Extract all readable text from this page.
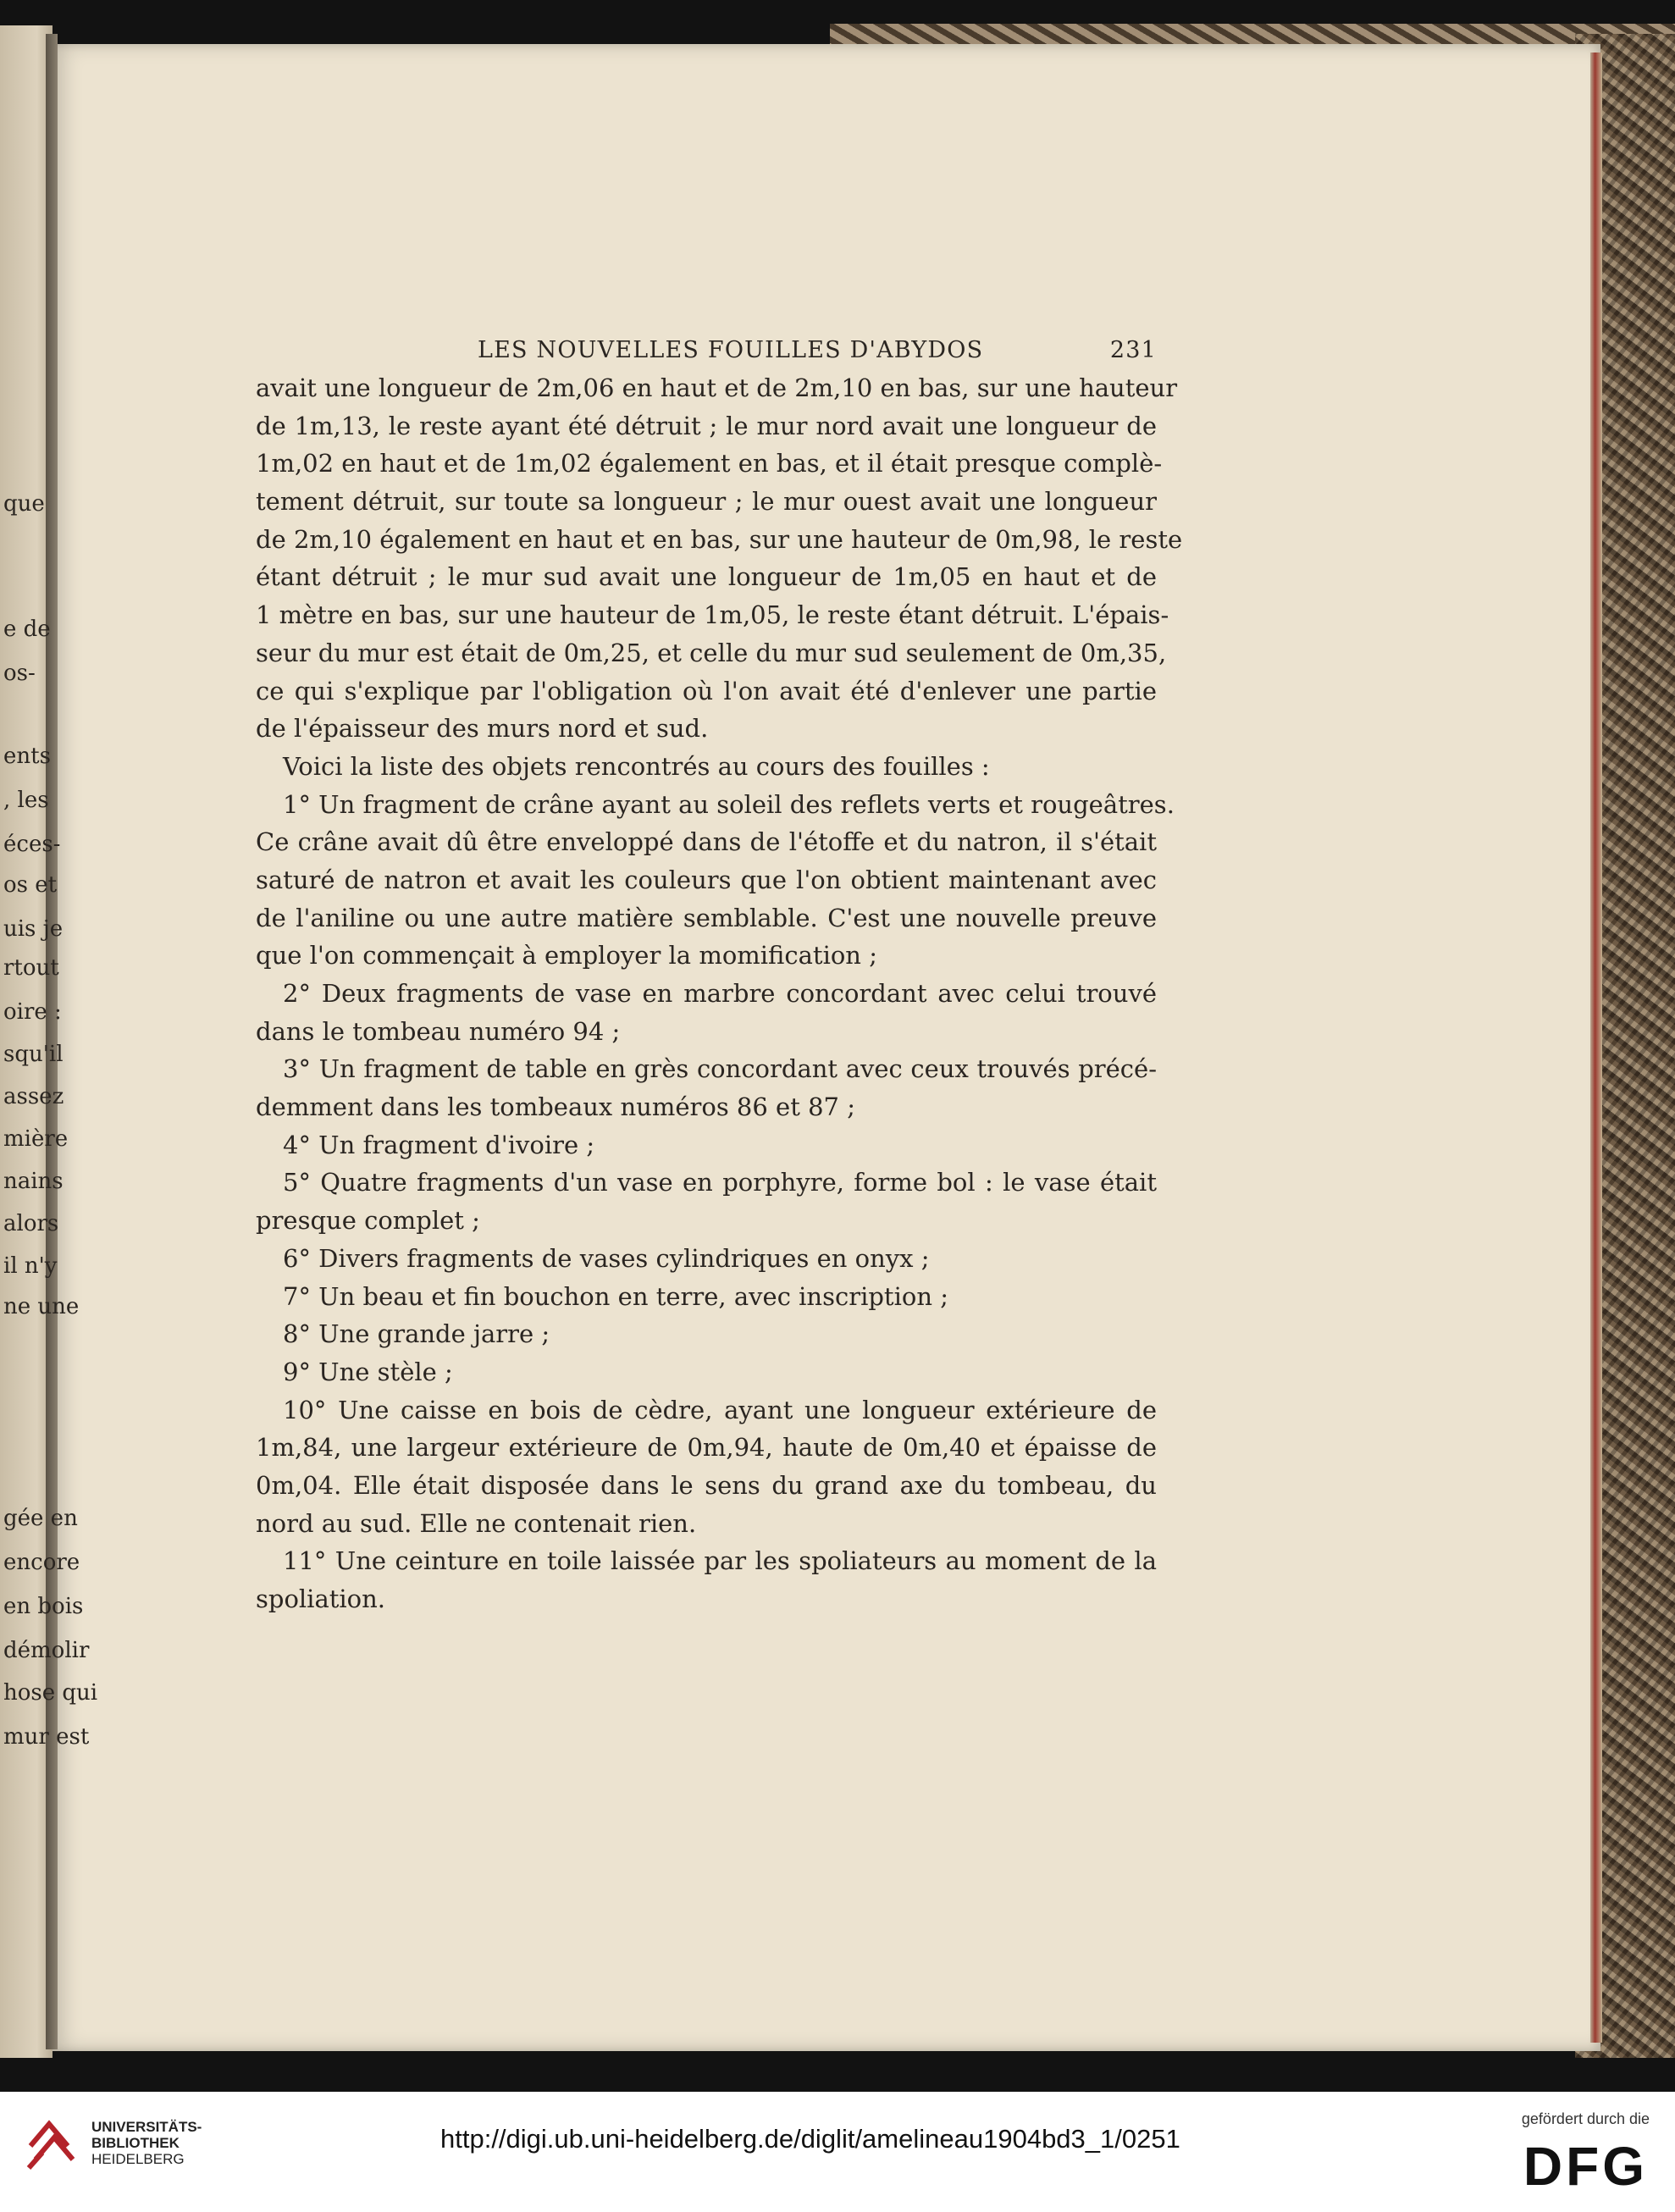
que
e de
os-
ents
, les
éces-
os et
uis je
rtout
oire :
squ'il
assez
mière
nains
alors
il n'y
ne une
gée en
encore
en bois
démolir
hose qui
mur est
LES NOUVELLES FOUILLES D'ABYDOS	231
avait une longueur de 2m,06 en haut et de 2m,10 en bas, sur une hauteur
de 1m,13, le reste ayant été détruit ; le mur nord avait une longueur de
1m,02 en haut et de 1m,02 également en bas, et il était presque complè-
tement détruit, sur toute sa longueur ; le mur ouest avait une longueur
de 2m,10 également en haut et en bas, sur une hauteur de 0m,98, le reste
étant détruit ; le mur sud avait une longueur de 1m,05 en haut et de
1 mètre en bas, sur une hauteur de 1m,05, le reste étant détruit. L'épais-
seur du mur est était de 0m,25, et celle du mur sud seulement de 0m,35,
ce qui s'explique par l'obligation où l'on avait été d'enlever une partie
de l'épaisseur des murs nord et sud.
Voici la liste des objets rencontrés au cours des fouilles :
1° Un fragment de crâne ayant au soleil des reflets verts et rougeâtres.
Ce crâne avait dû être enveloppé dans de l'étoffe et du natron, il s'était
saturé de natron et avait les couleurs que l'on obtient maintenant avec
de l'aniline ou une autre matière semblable. C'est une nouvelle preuve
que l'on commençait à employer la momification ;
2° Deux fragments de vase en marbre concordant avec celui trouvé
dans le tombeau numéro 94 ;
3° Un fragment de table en grès concordant avec ceux trouvés précé-
demment dans les tombeaux numéros 86 et 87 ;
4° Un fragment d'ivoire ;
5° Quatre fragments d'un vase en porphyre, forme bol : le vase était
presque complet ;
6° Divers fragments de vases cylindriques en onyx ;
7° Un beau et fin bouchon en terre, avec inscription ;
8° Une grande jarre ;
9° Une stèle ;
10° Une caisse en bois de cèdre, ayant une longueur extérieure de
1m,84, une largeur extérieure de 0m,94, haute de 0m,40 et épaisse de
0m,04. Elle était disposée dans le sens du grand axe du tombeau, du
nord au sud. Elle ne contenait rien.
11° Une ceinture en toile laissée par les spoliateurs au moment de la
spoliation.
UNIVERSITÄTS-
BIBLIOTHEK
HEIDELBERG
http://digi.ub.uni-heidelberg.de/diglit/amelineau1904bd3_1/0251
gefördert durch die
DFG
